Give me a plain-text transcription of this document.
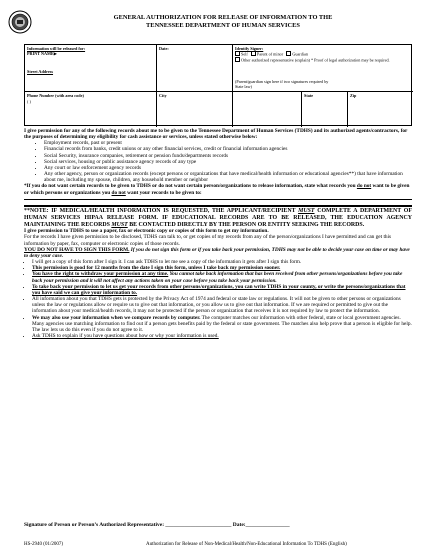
GENERAL AUTHORIZATION FOR RELEASE OF INFORMATION TO THE
TENNESSEE DEPARTMENT OF HUMAN SERVICES
Information will be released for:
PRINT NAME▶
Street Address
Date:	Identify Signer:
Self Parent of minor Guardian
Other authorized representative (explain) * Proof of legal authorization may be required.
(Parent/guardian sign here if two signatures required by State law)
Phone Number (with area code)
( )
City	State	Zip

I give permission for any of the following records about me to be given to the Tennessee Department of Human Services (TDHS) and its authorized agents/contractors, for the purposes of determining my eligibility for cash assistance or services, unless stated otherwise below:

• Employment records, past or present
• Financial records from banks, credit unions or any other financial services, credit or financial information agencies
• Social Security, insurance companies, retirement or pension funds/departments records
• Social services, housing or public assistance agency records of any type
• Any court or law enforcement agency records
• Any other agency, person or organization records (except persons or organizations that have medical/health information or educational agencies**) that have information about me, including my spouse, children, any household member or neighbor

*If you do not want certain records to be given to TDHS or do not want certain person/organizations to release information, state what records you do not want to be given or which persons or organizations you do not want your records to be given to:

**NOTE: IF MEDICAL/HEALTH INFORMATION IS REQUESTED, THE APPLICANT/RECIPIENT MUST COMPLETE A DEPARTMENT OF HUMAN SERVICES HIPAA RELEASE FORM. IF EDUCATIONAL RECORDS ARE TO BE RELEASED, THE EDUCATION AGENCY MAINTAINING THE RECORDS MUST BE CONTACTED DIRECTLY BY THE PERSON OR ENTITY SEEKING THE RECORDS.

I give permission to TDHS to use a paper, fax or electronic copy or copies of this form to get my information.

For the records I have given permission to be disclosed, TDHS can talk to, or get copies of my records from any of the person/organizations I have permitted and can get this information by paper, fax, computer or electronic copies of those records.

YOU DO NOT HAVE TO SIGN THIS FORM. If you do not sign this form or if you take back your permission, TDHS may not be able to decide your case on time or may have to deny your case.

• I will get a copy of this form after I sign it. I can ask TDHS to let me see a copy of the information it gets after I sign this form.
• This permission is good for 12 months from the date I sign this form, unless I take back my permission sooner.
• You have the right to withdraw your permission at any time. You cannot take back information that has been received from other persons/organizations before you take back your permission and it will not affect any actions taken on your case before you take back your permission.
• To take back your permission to let us get your records from other persons/organizations, you can write TDHS in your county, or write the persons/organizations that you have said we can give your information to.
• All information about you that TDHS gets is protected by the Privacy Act of 1974 and federal or state law or regulations. It will not be given to other persons or organizations unless the law or regulations allow or require us to give out that information, or you allow us to give out that information. If we are required or permitted to give out the information about your medical/health records, it may not be protected if the person or organization that receives it is not required by law to protect the information.
• We may also use your information when we compare records by computer. The computer matches our information with other federal, state or local government agencies. Many agencies use matching information to find out if a person gets benefits paid by the federal or state government. The matches also help prove that a person is eligible for help. The law lets us do this even if you do not agree to it.
• Ask TDHS to explain if you have questions about how or why your information is used.
Signature of Person or Person’s Authorized Representative: ________________________ Date:________________
HS-2940 (01/2007)	Authorization for Release of Non-Medical/Health/Non-Educational Information To TDHS (English)
